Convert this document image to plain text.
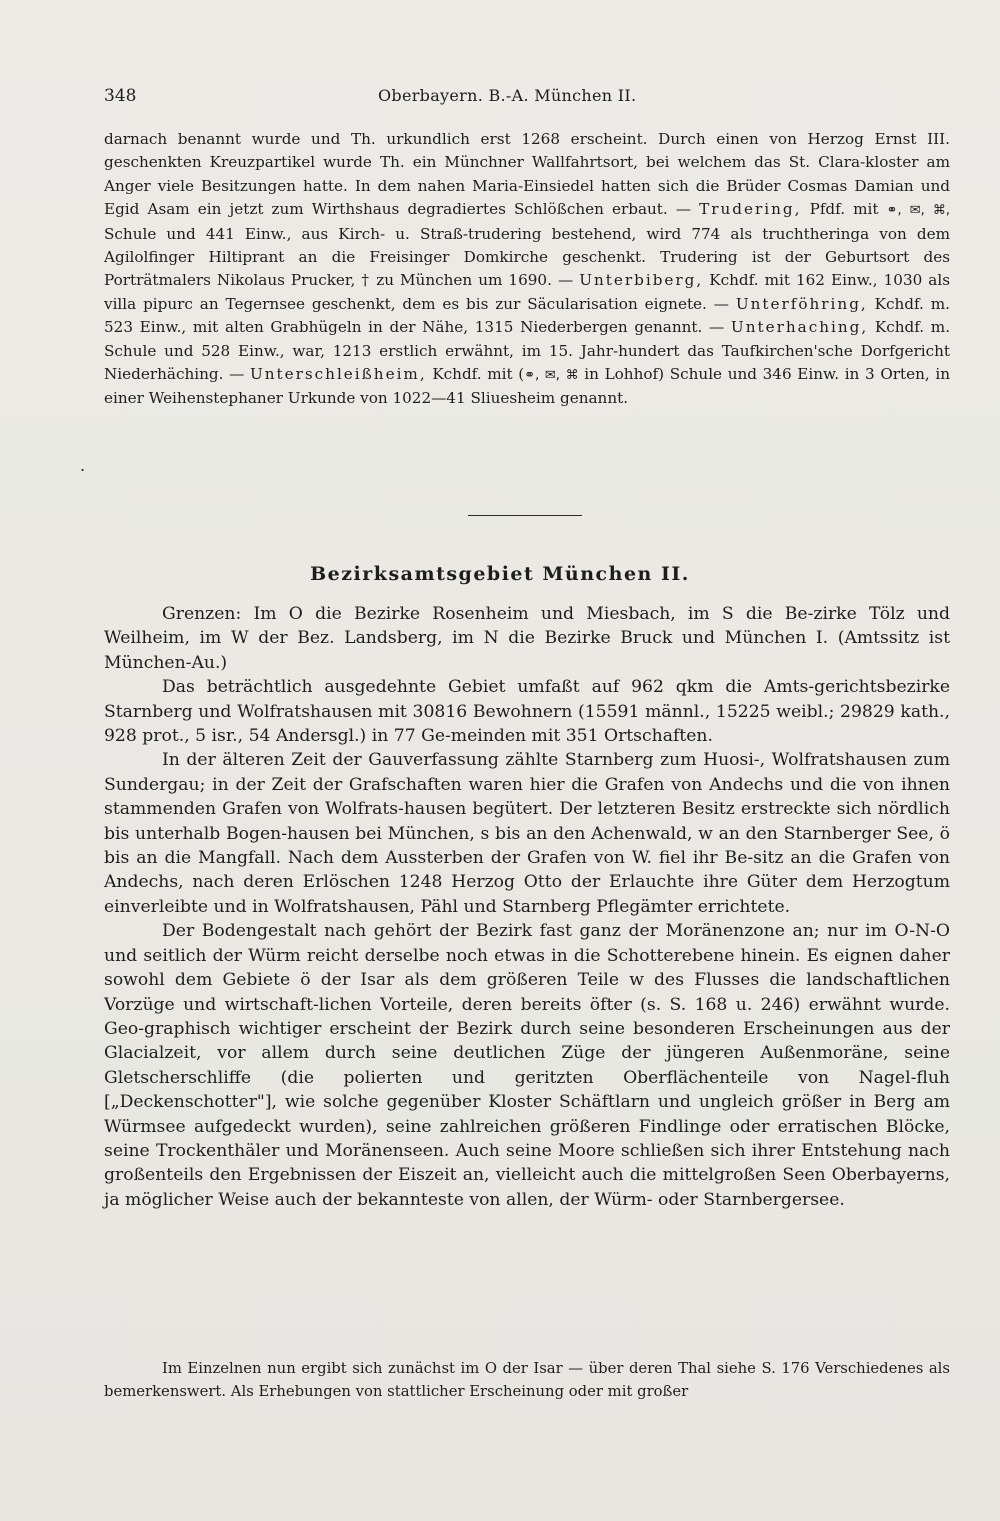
348	Oberbayern. B.-A. München II.
.

darnach benannt wurde und Th. urkundlich erst 1268 erscheint. Durch einen von Herzog Ernst III. geschenkten Kreuzpartikel wurde Th. ein Münchner Wallfahrtsort, bei welchem das St. Clara-kloster am Anger viele Besitzungen hatte. In dem nahen Maria-Einsiedel hatten sich die Brüder Cosmas Damian und Egid Asam ein jetzt zum Wirthshaus degradiertes Schlößchen erbaut. — Trudering, Pfdf. mit ⚭, ✉, ⌘, Schule und 441 Einw., aus Kirch- u. Straß-trudering bestehend, wird 774 als truchtheringa von dem Agilolfinger Hiltiprant an die Freisinger Domkirche geschenkt. Trudering ist der Geburtsort des Porträtmalers Nikolaus Prucker, † zu München um 1690. — Unterbiberg, Kchdf. mit 162 Einw., 1030 als villa pipurc an Tegernsee geschenkt, dem es bis zur Säcularisation eignete. — Unterföhring, Kchdf. m. 523 Einw., mit alten Grabhügeln in der Nähe, 1315 Niederbergen genannt. — Unterhaching, Kchdf. m. Schule und 528 Einw., war, 1213 erstlich erwähnt, im 15. Jahr-hundert das Taufkirchen'sche Dorfgericht Niederhäching. — Unterschleißheim, Kchdf. mit (⚭, ✉, ⌘ in Lohhof) Schule und 346 Einw. in 3 Orten, in einer Weihenstephaner Urkunde von 1022—41 Sliuesheim genannt.

Bezirksamtsgebiet München II.

Grenzen: Im O die Bezirke Rosenheim und Miesbach, im S die Be-zirke Tölz und Weilheim, im W der Bez. Landsberg, im N die Bezirke Bruck und München I. (Amtssitz ist München-Au.)

Das beträchtlich ausgedehnte Gebiet umfaßt auf 962 qkm die Amts-gerichtsbezirke Starnberg und Wolfratshausen mit 30816 Bewohnern (15591 männl., 15225 weibl.; 29829 kath., 928 prot., 5 isr., 54 Andersgl.) in 77 Ge-meinden mit 351 Ortschaften.

In der älteren Zeit der Gauverfassung zählte Starnberg zum Huosi-, Wolfratshausen zum Sundergau; in der Zeit der Grafschaften waren hier die Grafen von Andechs und die von ihnen stammenden Grafen von Wolfrats-hausen begütert. Der letzteren Besitz erstreckte sich nördlich bis unterhalb Bogen-hausen bei München, s bis an den Achenwald, w an den Starnberger See, ö bis an die Mangfall. Nach dem Aussterben der Grafen von W. fiel ihr Be-sitz an die Grafen von Andechs, nach deren Erlöschen 1248 Herzog Otto der Erlauchte ihre Güter dem Herzogtum einverleibte und in Wolfratshausen, Pähl und Starnberg Pflegämter errichtete.

Der Bodengestalt nach gehört der Bezirk fast ganz der Moränenzone an; nur im O-N-O und seitlich der Würm reicht derselbe noch etwas in die Schotterebene hinein. Es eignen daher sowohl dem Gebiete ö der Isar als dem größeren Teile w des Flusses die landschaftlichen Vorzüge und wirtschaft-lichen Vorteile, deren bereits öfter (s. S. 168 u. 246) erwähnt wurde. Geo-graphisch wichtiger erscheint der Bezirk durch seine besonderen Erscheinungen aus der Glacialzeit, vor allem durch seine deutlichen Züge der jüngeren Außenmoräne, seine Gletscherschliffe (die polierten und geritzten Oberflächenteile von Nagel-fluh [„Deckenschotter"], wie solche gegenüber Kloster Schäftlarn und ungleich größer in Berg am Würmsee aufgedeckt wurden), seine zahlreichen größeren Findlinge oder erratischen Blöcke, seine Trockenthäler und Moränenseen. Auch seine Moore schließen sich ihrer Entstehung nach großenteils den Ergebnissen der Eiszeit an, vielleicht auch die mittelgroßen Seen Oberbayerns, ja möglicher Weise auch der bekannteste von allen, der Würm- oder Starnbergersee.

Im Einzelnen nun ergibt sich zunächst im O der Isar — über deren Thal siehe S. 176 Verschiedenes als bemerkenswert. Als Erhebungen von stattlicher Erscheinung oder mit großer
